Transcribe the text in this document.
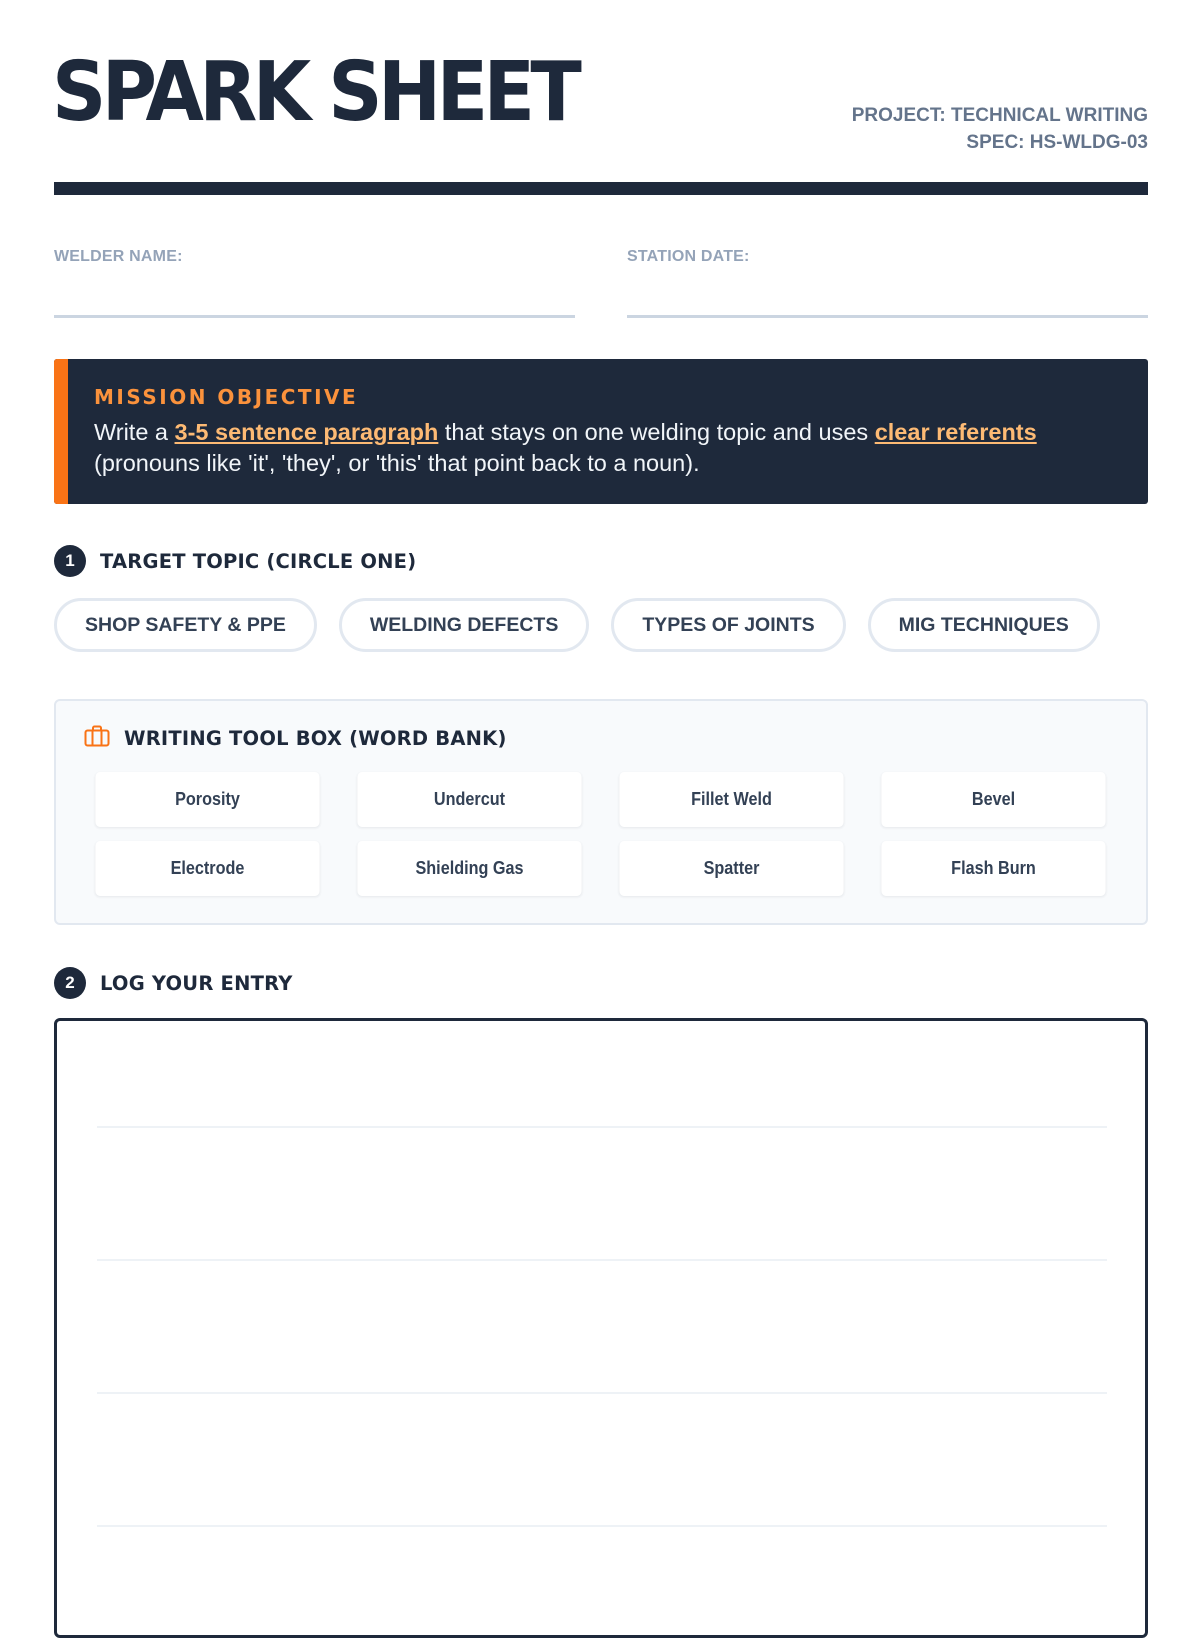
SPARK SHEET	PROJECT: TECHNICAL WRITING
SPEC: HS-WLDG-03
WELDER NAME:	STATION DATE:
MISSION OBJECTIVE
Write a 3-5 sentence paragraph that stays on one welding topic and uses clear referents (pronouns like 'it', 'they', or 'this' that point back to a noun).
1	TARGET TOPIC (CIRCLE ONE)
SHOP SAFETY & PPE	WELDING DEFECTS	TYPES OF JOINTS	MIG TECHNIQUES
WRITING TOOL BOX (WORD BANK)
Porosity	Undercut	Fillet Weld	Bevel
Electrode	Shielding Gas	Spatter	Flash Burn
2	LOG YOUR ENTRY
